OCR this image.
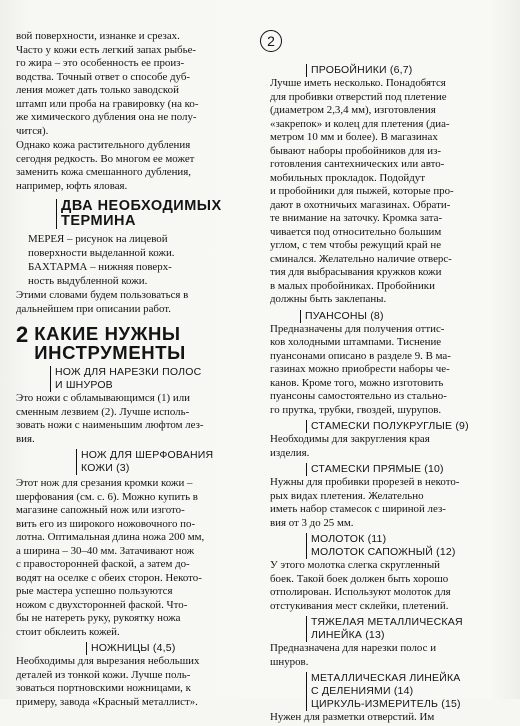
2
вой поверхности, изнанке и срезах.
Часто у кожи есть легкий запах рыбье-
го жира – это особенность ее произ-
водства. Точный ответ о способе дуб-
ления может дать только заводской
штамп или проба на гравировку (на ко-
же химического дубления она не полу-
чится).
Однако кожа растительного дубления
сегодня редкость. Во многом ее может
заменить кожа смешанного дубления,
например, юфть яловая.
ДВА НЕОБХОДИМЫХ
ТЕРМИНА
МЕРЕЯ – рисунок на лицевой
поверхности выделанной кожи.
БАХТАРМА – нижняя поверх-
ность выдубленной кожи.
Этими словами будем пользоваться в
дальнейшем при описании работ.
2 КАКИЕ НУЖНЫ
ИНСТРУМЕНТЫ
НОЖ ДЛЯ НАРЕЗКИ ПОЛОС
И ШНУРОВ
Это ножи с обламывающимся (1) или
сменным лезвием (2). Лучше исполь-
зовать ножи с наименьшим люфтом лез-
вия.
НОЖ ДЛЯ ШЕРФОВАНИЯ
КОЖИ (3)
Этот нож для срезания кромки кожи –
шерфования (см. с. 6). Можно купить в
магазине сапожный нож или изгото-
вить его из широкого ножовочного по-
лотна. Оптимальная длина ножа 200 мм,
а ширина – 30–40 мм. Затачивают нож
с правосторонней фаской, а затем до-
водят на оселке с обеих сторон. Некото-
рые мастера успешно пользуются
ножом с двухсторонней фаской. Что-
бы не натереть руку, рукоятку ножа
стоит обклеить кожей.
НОЖНИЦЫ (4,5)
Необходимы для вырезания небольших
деталей из тонкой кожи. Лучше поль-
зоваться портновскими ножницами, к
примеру, завода «Красный металлист».
ПРОБОЙНИКИ (6,7)
Лучше иметь несколько. Понадобятся
для пробивки отверстий под плетение
(диаметром 2,3,4 мм), изготовления
«закрепок» и колец для плетения (диа-
метром 10 мм и более). В магазинах
бывают наборы пробойников для из-
готовления сантехнических или авто-
мобильных прокладок. Подойдут
и пробойники для пыжей, которые про-
дают в охотничьих магазинах. Обрати-
те внимание на заточку. Кромка зата-
чивается под относительно большим
углом, с тем чтобы режущий край не
сминался. Желательно наличие отверс-
тия для выбрасывания кружков кожи
в малых пробойниках. Пробойники
должны быть заклепаны.
ПУАНСОНЫ (8)
Предназначены для получения оттис-
ков холодными штампами. Тиснение
пуансонами описано в разделе 9. В ма-
газинах можно приобрести наборы че-
канов. Кроме того, можно изготовить
пуансоны самостоятельно из стально-
го прутка, трубки, гвоздей, шурупов.
СТАМЕСКИ ПОЛУКРУГЛЫЕ (9)
Необходимы для закругления края
изделия.
СТАМЕСКИ ПРЯМЫЕ (10)
Нужны для пробивки прорезей в некото-
рых видах плетения. Желательно
иметь набор стамесок с шириной лез-
вия от 3 до 25 мм.
МОЛОТОК (11)
МОЛОТОК САПОЖНЫЙ (12)
У этого молотка слегка скругленный
боек. Такой боек должен быть хорошо
отполирован. Используют молоток для
отстукивания мест склейки, плетений.
ТЯЖЕЛАЯ МЕТАЛЛИЧЕСКАЯ
ЛИНЕЙКА (13)
Предназначена для нарезки полос и
шнуров.
МЕТАЛЛИЧЕСКАЯ ЛИНЕЙКА
С ДЕЛЕНИЯМИ (14)
ЦИРКУЛЬ-ИЗМЕРИТЕЛЬ (15)
Нужен для разметки отверстий. Им
